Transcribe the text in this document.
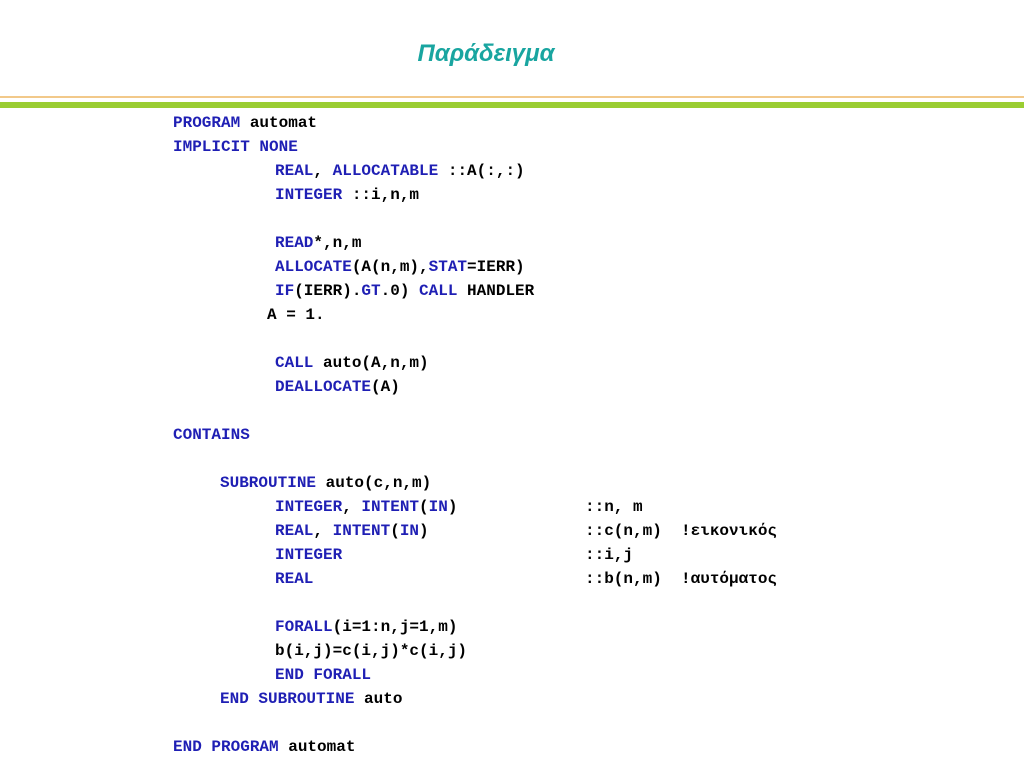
Παράδειγμα
PROGRAM automat
IMPLICIT NONE
REAL, ALLOCATABLE ::A(:,:)
INTEGER ::i,n,m
READ*,n,m
ALLOCATE(A(n,m),STAT=IERR)
IF(IERR).GT.0) CALL HANDLER
A = 1.
CALL auto(A,n,m)
DEALLOCATE(A)
CONTAINS
SUBROUTINE auto(c,n,m)
INTEGER, INTENT(IN)	::n, m
REAL, INTENT(IN)	::c(n,m)  !εικονικός
INTEGER	::i,j
REAL	::b(n,m)  !αυτόματος
FORALL(i=1:n,j=1,m)
b(i,j)=c(i,j)*c(i,j)
END FORALL
END SUBROUTINE auto
END PROGRAM automat
